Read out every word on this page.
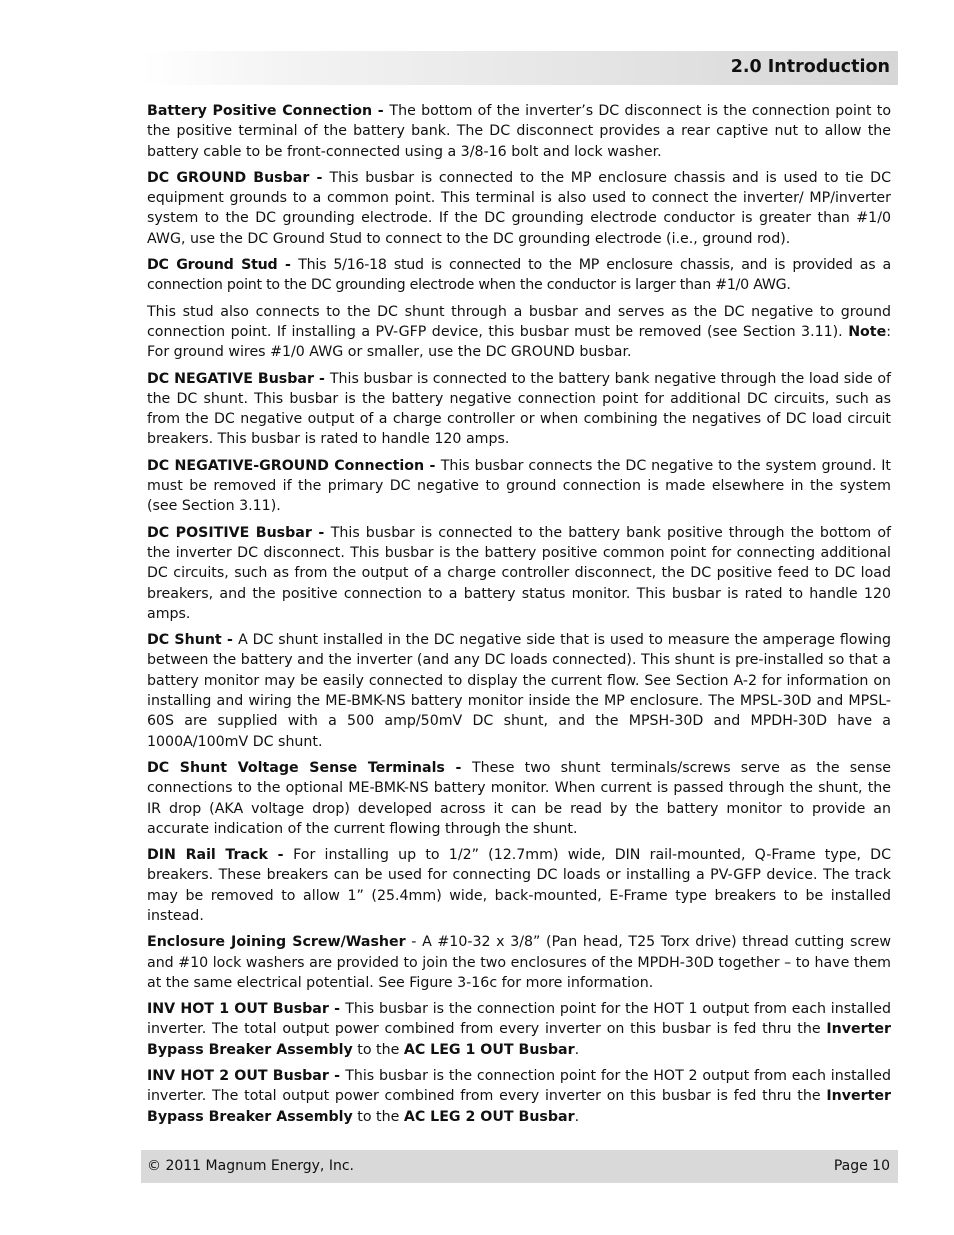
2.0 Introduction

Battery Positive Connection - The bottom of the inverter’s DC disconnect is the connection point to the positive terminal of the battery bank. The DC disconnect provides a rear captive nut to allow the battery cable to be front-connected using a 3/8-16 bolt and lock washer.

DC GROUND Busbar - This busbar is connected to the MP enclosure chassis and is used to tie DC equipment grounds to a common point. This terminal is also used to connect the inverter/ MP/inverter system to the DC grounding electrode. If the DC grounding electrode conductor is greater than #1/0 AWG, use the DC Ground Stud to connect to the DC grounding electrode (i.e., ground rod).

DC Ground Stud - This 5/16-18 stud is connected to the MP enclosure chassis, and is provided as a connection point to the DC grounding electrode when the conductor is larger than #1/0 AWG.

This stud also connects to the DC shunt through a busbar and serves as the DC negative to ground connection point. If installing a PV-GFP device, this busbar must be removed (see Section 3.11). Note: For ground wires #1/0 AWG or smaller, use the DC GROUND busbar.

DC NEGATIVE Busbar - This busbar is connected to the battery bank negative through the load side of the DC shunt. This busbar is the battery negative connection point for additional DC circuits, such as from the DC negative output of a charge controller or when combining the negatives of DC load circuit breakers. This busbar is rated to handle 120 amps.

DC NEGATIVE-GROUND Connection - This busbar connects the DC negative to the system ground. It must be removed if the primary DC negative to ground connection is made elsewhere in the system (see Section 3.11).

DC POSITIVE Busbar - This busbar is connected to the battery bank positive through the bottom of the inverter DC disconnect. This busbar is the battery positive common point for connecting additional DC circuits, such as from the output of a charge controller disconnect, the DC positive feed to DC load breakers, and the positive connection to a battery status monitor. This busbar is rated to handle 120 amps.

DC Shunt - A DC shunt installed in the DC negative side that is used to measure the amperage flowing between the battery and the inverter (and any DC loads connected). This shunt is pre-installed so that a battery monitor may be easily connected to display the current flow. See Section A-2 for information on installing and wiring the ME-BMK-NS battery monitor inside the MP enclosure. The MPSL-30D and MPSL-60S are supplied with a 500 amp/50mV DC shunt, and the MPSH-30D and MPDH-30D have a 1000A/100mV DC shunt.

DC Shunt Voltage Sense Terminals - These two shunt terminals/screws serve as the sense connections to the optional ME-BMK-NS battery monitor. When current is passed through the shunt, the IR drop (AKA voltage drop) developed across it can be read by the battery monitor to provide an accurate indication of the current flowing through the shunt.

DIN Rail Track - For installing up to 1/2” (12.7mm) wide, DIN rail-mounted, Q-Frame type, DC breakers. These breakers can be used for connecting DC loads or installing a PV-GFP device. The track may be removed to allow 1” (25.4mm) wide, back-mounted, E-Frame type breakers to be installed instead.

Enclosure Joining Screw/Washer - A #10-32 x 3/8” (Pan head, T25 Torx drive) thread cutting screw and #10 lock washers are provided to join the two enclosures of the MPDH-30D together – to have them at the same electrical potential. See Figure 3-16c for more information.

INV HOT 1 OUT Busbar - This busbar is the connection point for the HOT 1 output from each installed inverter. The total output power combined from every inverter on this busbar is fed thru the Inverter Bypass Breaker Assembly to the AC LEG 1 OUT Busbar.

INV HOT 2 OUT Busbar - This busbar is the connection point for the HOT 2 output from each installed inverter. The total output power combined from every inverter on this busbar is fed thru the Inverter Bypass Breaker Assembly to the AC LEG 2 OUT Busbar.

© 2011 Magnum Energy, Inc.	Page 10
